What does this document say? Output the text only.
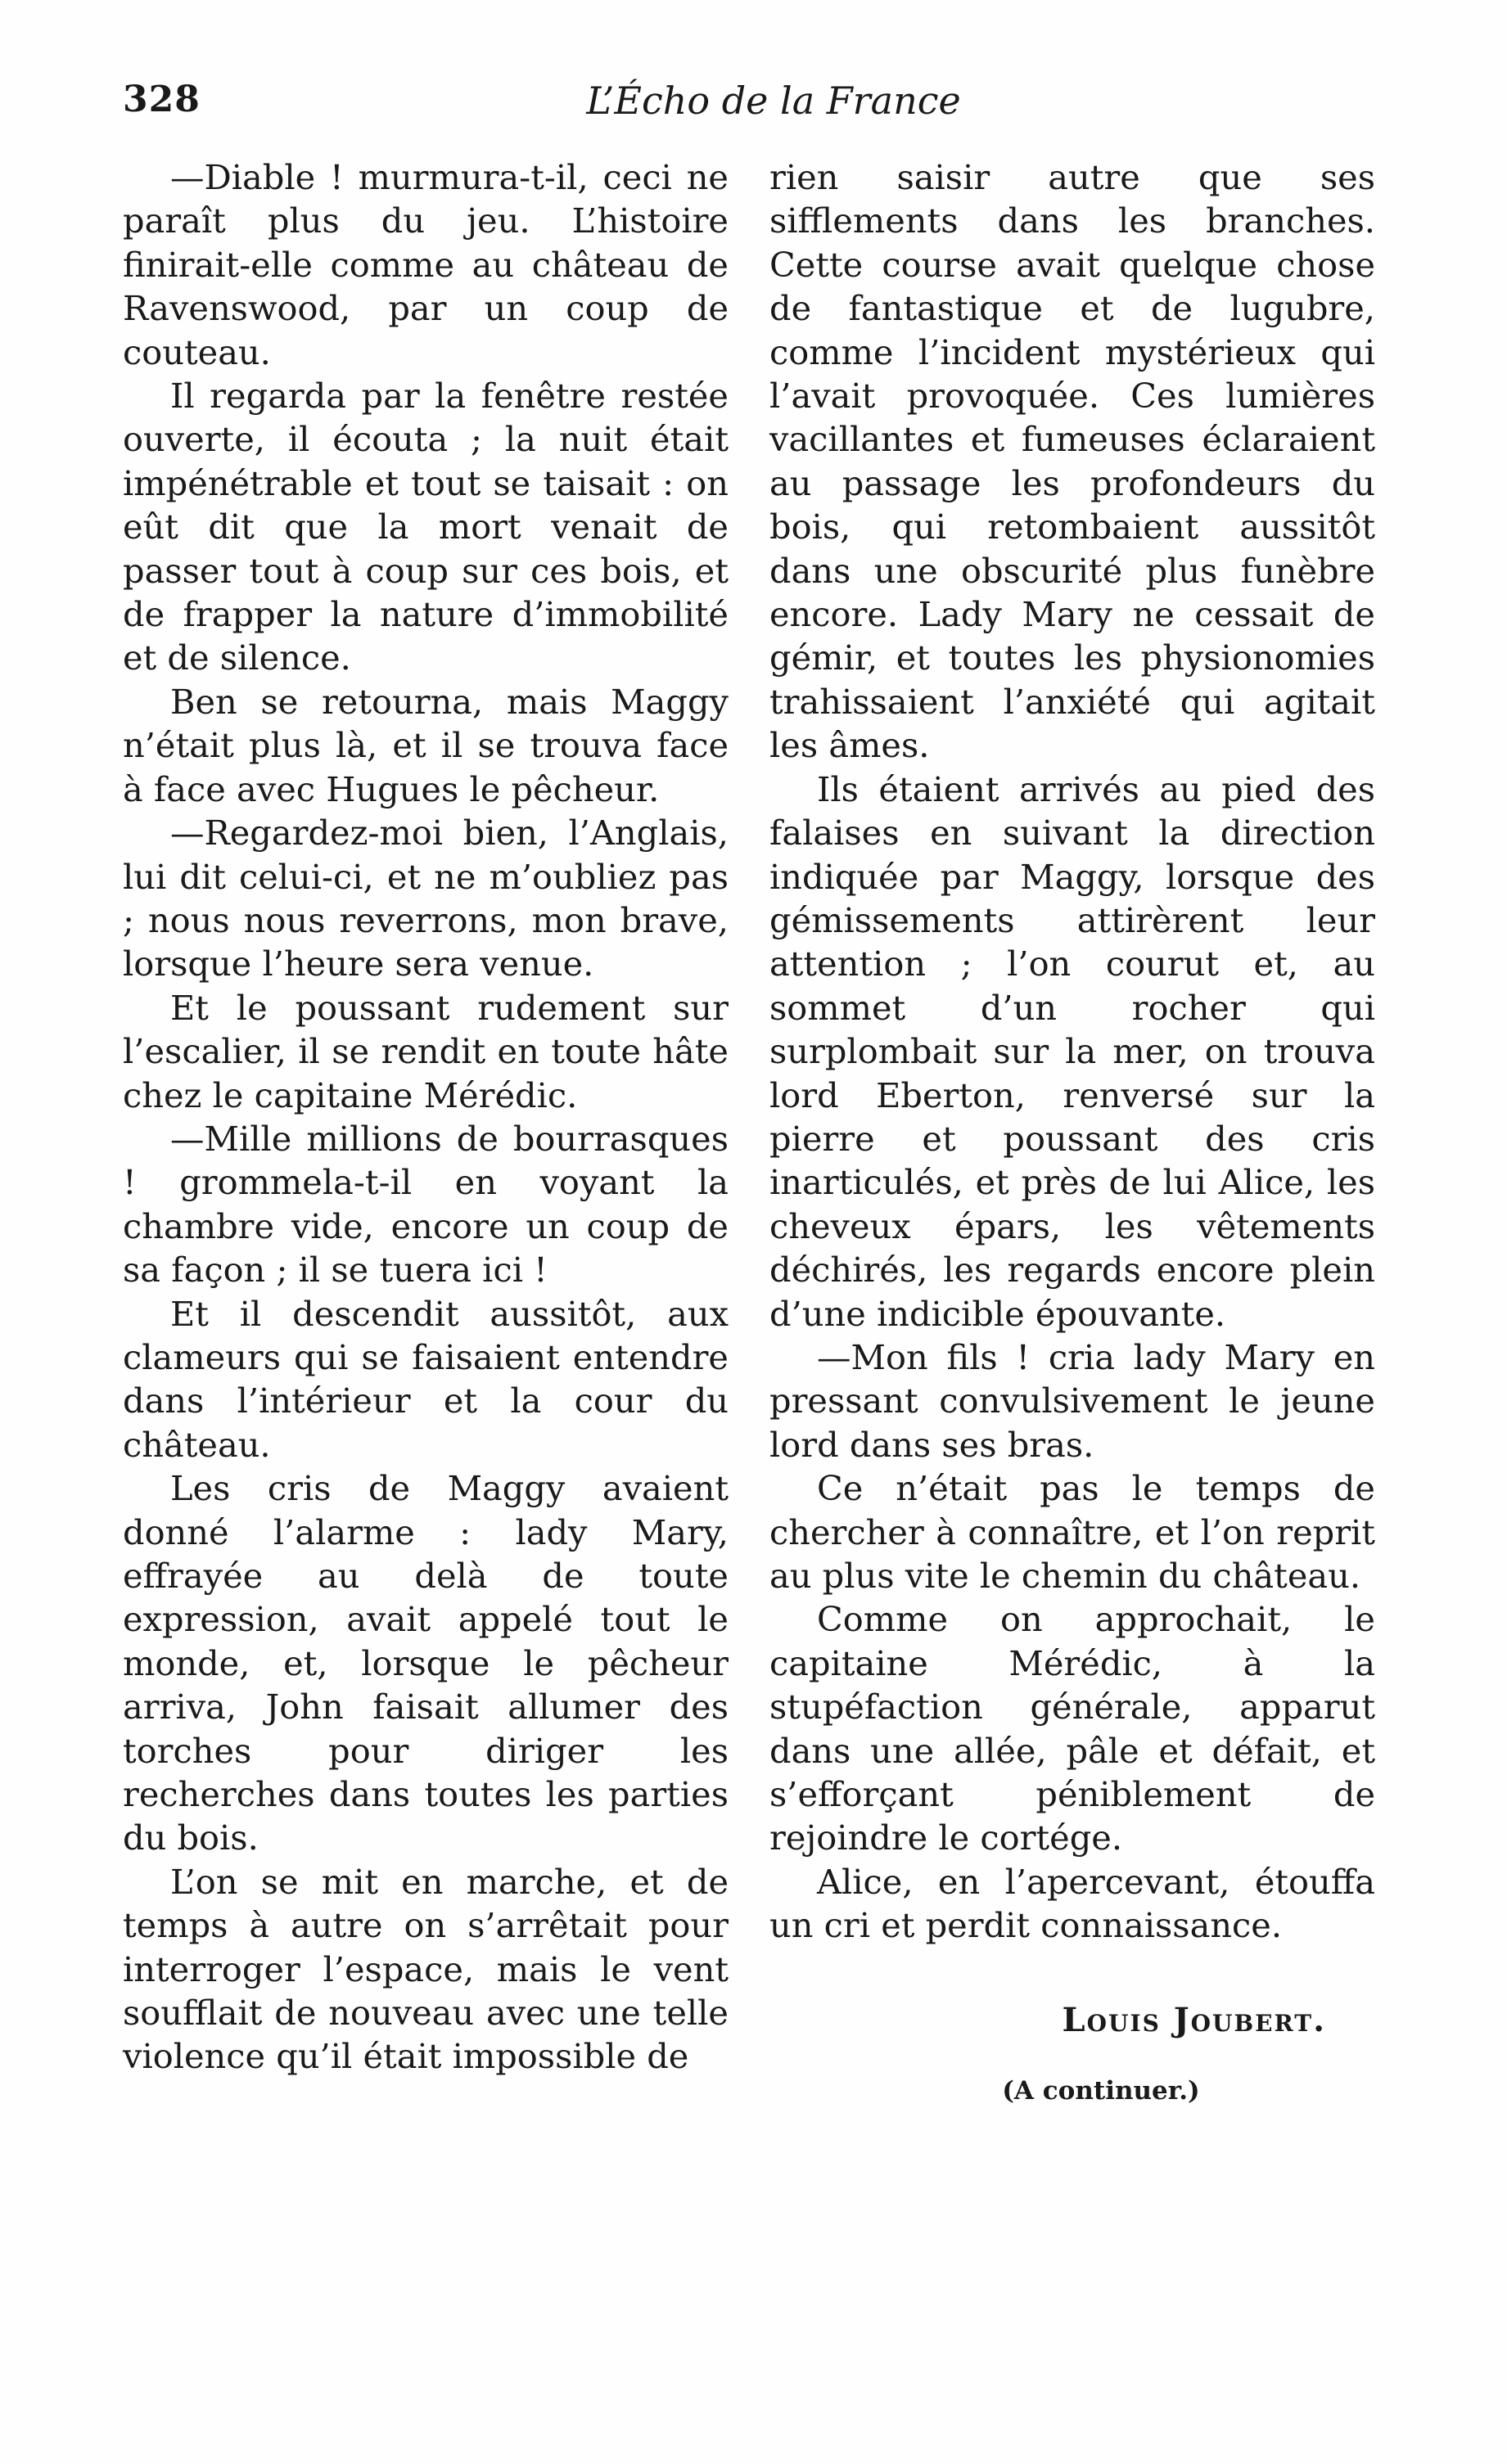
328	L’Écho de la France

—Diable ! murmura-t-il, ceci ne paraît plus du jeu. L’histoire finirait-elle comme au château de Ravenswood, par un coup de couteau.

Il regarda par la fenêtre restée ouverte, il écouta ; la nuit était impénétrable et tout se taisait : on eût dit que la mort venait de passer tout à coup sur ces bois, et de frapper la nature d’immobilité et de silence.

Ben se retourna, mais Maggy n’était plus là, et il se trouva face à face avec Hugues le pêcheur.

—Regardez-moi bien, l’Anglais, lui dit celui-ci, et ne m’oubliez pas ; nous nous reverrons, mon brave, lorsque l’heure sera venue.

Et le poussant rudement sur l’escalier, il se rendit en toute hâte chez le capitaine Mérédic.

—Mille millions de bourrasques ! grommela-t-il en voyant la chambre vide, encore un coup de sa façon ; il se tuera ici !

Et il descendit aussitôt, aux clameurs qui se faisaient entendre dans l’intérieur et la cour du château.

Les cris de Maggy avaient donné l’alarme : lady Mary, effrayée au delà de toute expression, avait appelé tout le monde, et, lorsque le pêcheur arriva, John faisait allumer des torches pour diriger les recherches dans toutes les parties du bois.

L’on se mit en marche, et de temps à autre on s’arrêtait pour interroger l’espace, mais le vent soufflait de nouveau avec une telle violence qu’il était impossible de

rien saisir autre que ses sifflements dans les branches. Cette course avait quelque chose de fantastique et de lugubre, comme l’incident mystérieux qui l’avait provoquée. Ces lumières vacillantes et fumeuses éclaraient au passage les profondeurs du bois, qui retombaient aussitôt dans une obscurité plus funèbre encore. Lady Mary ne cessait de gémir, et toutes les physionomies trahissaient l’anxiété qui agitait les âmes.

Ils étaient arrivés au pied des falaises en suivant la direction indiquée par Maggy, lorsque des gémissements attirèrent leur attention ; l’on courut et, au sommet d’un rocher qui surplombait sur la mer, on trouva lord Eberton, renversé sur la pierre et poussant des cris inarticulés, et près de lui Alice, les cheveux épars, les vêtements déchirés, les regards encore plein d’une indicible épouvante.

—Mon fils ! cria lady Mary en pressant convulsivement le jeune lord dans ses bras.

Ce n’était pas le temps de chercher à connaître, et l’on reprit au plus vite le chemin du château.

Comme on approchait, le capitaine Mérédic, à la stupéfaction générale, apparut dans une allée, pâle et défait, et s’efforçant péniblement de rejoindre le cortége.

Alice, en l’apercevant, étouffa un cri et perdit connaissance.

Louis Joubert.
(A continuer.)
